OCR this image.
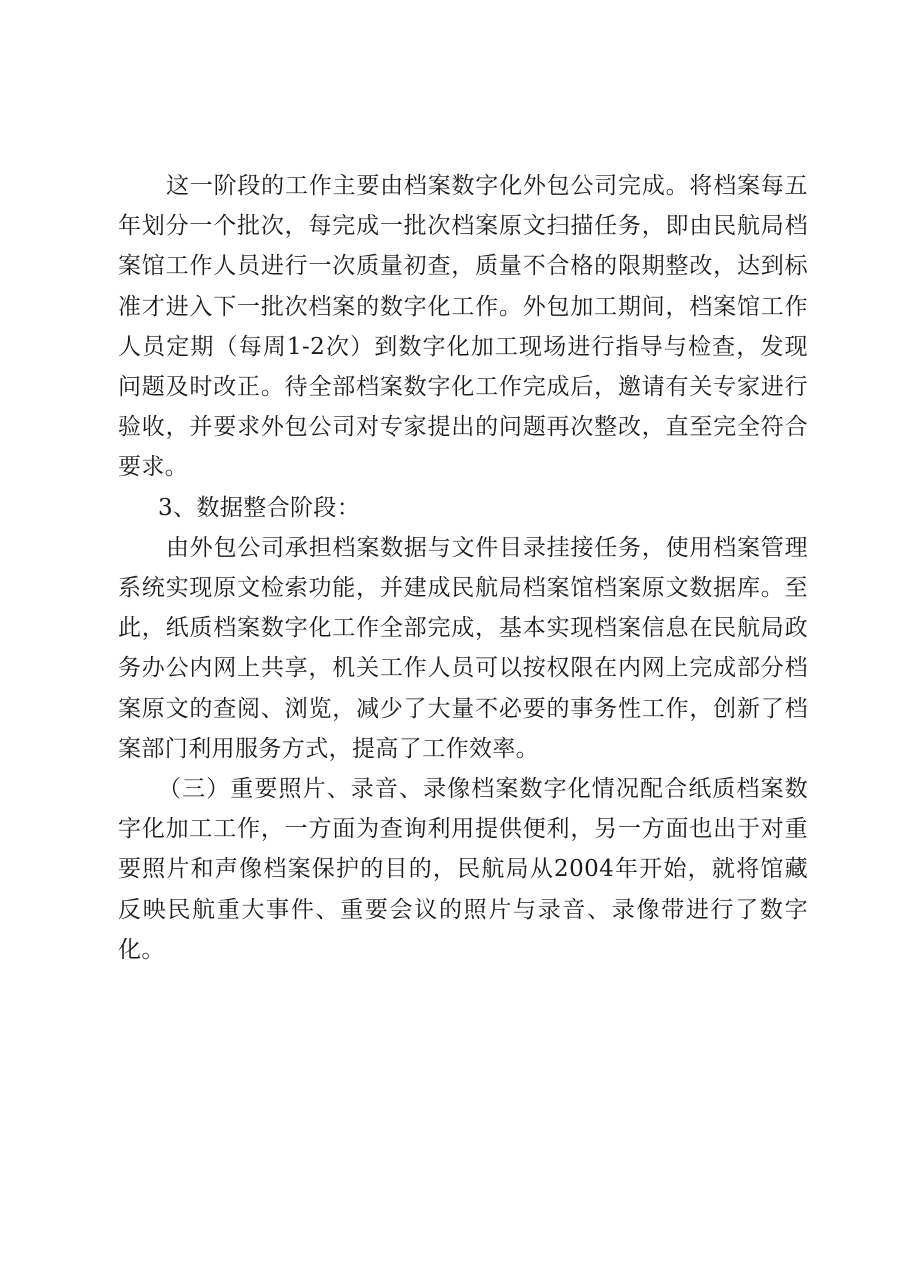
这一阶段的工作主要由档案数字化外包公司完成。将档案每五年划分一个批次，每完成一批次档案原文扫描任务，即由民航局档案馆工作人员进行一次质量初查，质量不合格的限期整改，达到标准才进入下一批次档案的数字化工作。外包加工期间，档案馆工作人员定期（每周1-2次）到数字化加工现场进行指导与检查，发现问题及时改正。待全部档案数字化工作完成后，邀请有关专家进行验收，并要求外包公司对专家提出的问题再次整改，直至完全符合要求。

3、数据整合阶段：

由外包公司承担档案数据与文件目录挂接任务，使用档案管理系统实现原文检索功能，并建成民航局档案馆档案原文数据库。至此，纸质档案数字化工作全部完成，基本实现档案信息在民航局政务办公内网上共享，机关工作人员可以按权限在内网上完成部分档案原文的查阅、浏览，减少了大量不必要的事务性工作，创新了档案部门利用服务方式，提高了工作效率。

（三）重要照片、录音、录像档案数字化情况配合纸质档案数字化加工工作，一方面为查询利用提供便利，另一方面也出于对重要照片和声像档案保护的目的，民航局从2004年开始，就将馆藏反映民航重大事件、重要会议的照片与录音、录像带进行了数字化。
